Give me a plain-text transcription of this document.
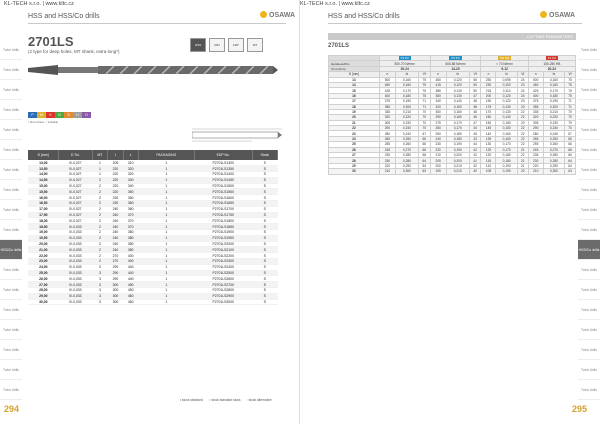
KL-TECH s.r.o. | www.kltc.cz
HSS and HSS/Co drills	OSAWA
Twist drills
Twist drills
Twist drills
Twist drills
Twist drills
Twist drills
Twist drills
Twist drills
Twist drills
Twist drills
HSS/Co drills
Twist drills
Twist drills
Twist drills
Twist drills
Twist drills
Twist drills
Twist drills
2701LS
(2 type for deep holes, MT shank, extra-long*)
HSS	DIN	118°	MT
P	M	K	N	S	H	O
• first choice ○ suitable
D [mm]	D Tol.	MT	l	L	PACKAGING	EDP No.	Stock
13,00	0/-0,027	1	205	310	1	P2701LS1300	S
13,50	0/-0,027	1	220	320	1	P2701LS1350	S
14,00	0/-0,027	1	220	320	1	P2701LS1400	S
14,50	0/-0,027	2	220	340	1	P2701LS1450	S
15,00	0/-0,027	2	220	340	1	P2701LS1500	S
15,50	0/-0,027	2	220	350	1	P2701LS1550	S
16,00	0/-0,027	2	230	350	1	P2701LS1600	S
16,50	0/-0,027	2	230	360	1	P2701LS1650	S
17,00	0/-0,027	2	240	360	1	P2701LS1700	S
17,50	0/-0,027	2	240	370	1	P2701LS1750	S
18,00	0/-0,027	2	240	370	1	P2701LS1800	S
18,50	0/-0,033	2	240	370	1	P2701LS1850	S
19,00	0/-0,033	2	240	380	1	P2701LS1900	S
19,50	0/-0,033	2	240	380	1	P2701LS1950	S
20,00	0/-0,033	2	240	380	1	P2701LS2000	S
21,00	0/-0,033	2	240	380	1	P2701LS2100	S
22,00	0/-0,033	2	270	400	1	P2701LS2200	S
23,00	0/-0,033	2	270	400	1	P2701LS2300	S
24,00	0/-0,033	3	290	440	1	P2701LS2400	S
25,00	0/-0,033	3	290	440	1	P2701LS2500	S
26,00	0/-0,033	3	290	440	1	P2701LS2600	S
27,00	0/-0,033	3	300	450	1	P2701LS2700	S
28,00	0/-0,033	3	300	450	1	P2701LS2800	S
29,00	0/-0,033	3	300	460	1	P2701LS2900	S
30,00	0/-0,033	3	300	460	1	P2701LS3000	S
• stock standard ○ stock standard stock ◦ stock alternative
294
KL-TECH s.r.o. | www.kltc.cz
HSS and HSS/Co drills	OSAWA
Twist drills
Twist drills
Twist drills
Twist drills
Twist drills
Twist drills
Twist drills
Twist drills
Twist drills
Twist drills
HSS/Co drills
Twist drills
Twist drills
Twist drills
Twist drills
Twist drills
Twist drills
Twist drills
295
CUTTING PARAMETERS
2701LS
	P1 P2			P3 P4			M1 M2			K1 K2		
Hardness/Rm	500-70 N/mm²			600-85 N/mm²			< 70 N/mm²			150-250 HB		
Vc (m/min)	20-24			14-20			9-12			20-24		
D [mm]	n	fz	Vf	n	fz	Vf	n	fz	Vf	n	fz	Vf
13	500	0,160	75	450	0,120	55	250	0,095	24	500	0,160	75
14	460	0,160	75	415	0,120	50	230	0,100	23	460	0,160	75
15	425	0,170	75	385	0,130	50	215	0,110	24	425	0,170	75
16	400	0,180	75	360	0,130	47	200	0,120	24	400	0,180	75
17	375	0,190	71	340	0,140	48	190	0,120	23	375	0,190	71
18	355	0,200	71	320	0,150	48	175	0,130	23	355	0,200	71
19	335	0,210	70	300	0,160	48	170	0,130	22	335	0,210	70
20	320	0,220	70	290	0,160	46	160	0,140	22	320	0,220	70
21	305	0,230	70	275	0,170	47	150	0,150	23	305	0,230	70
22	290	0,240	70	260	0,170	44	145	0,150	22	290	0,240	70
23	280	0,240	67	250	0,180	45	140	0,160	22	280	0,240	67
24	265	0,250	66	240	0,180	43	135	0,160	22	265	0,250	66
25	255	0,260	66	230	0,190	44	130	0,170	22	255	0,260	66
26	245	0,270	66	220	0,190	42	125	0,170	21	245	0,270	66
27	235	0,280	66	210	0,200	42	120	0,180	22	235	0,280	66
28	230	0,280	64	205	0,200	41	115	0,180	21	230	0,280	64
29	220	0,290	64	200	0,210	42	110	0,190	21	220	0,290	64
30	210	0,300	63	190	0,210	40	105	0,190	20	210	0,300	63
